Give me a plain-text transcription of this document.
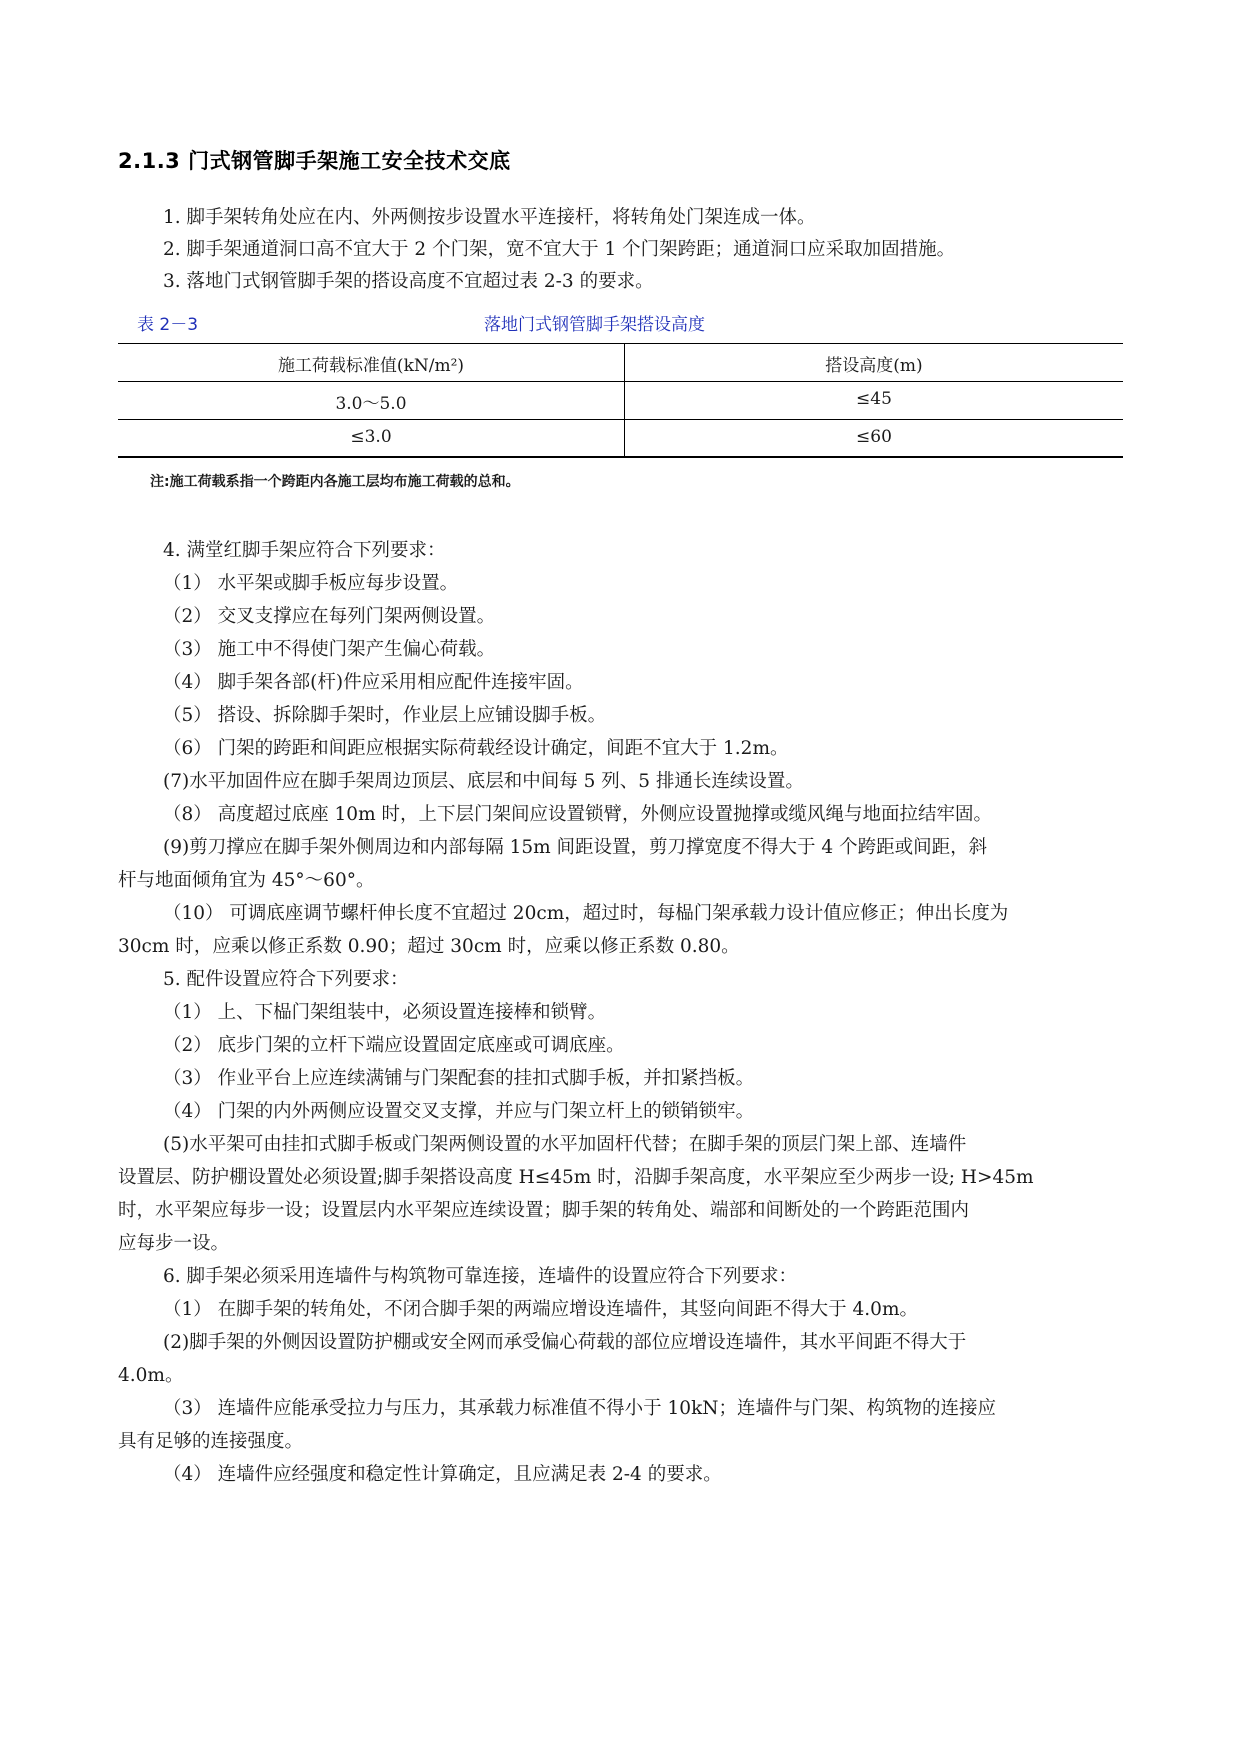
2.1.3 门式钢管脚手架施工安全技术交底
1. 脚手架转角处应在内、外两侧按步设置水平连接杆，将转角处门架连成一体。
2. 脚手架通道洞口高不宜大于 2 个门架，宽不宜大于 1 个门架跨距；通道洞口应采取加固措施。
3. 落地门式钢管脚手架的搭设高度不宜超过表 2-3 的要求。
表 2－3	落地门式钢管脚手架搭设高度
施工荷载标准值(kN/m²)	搭设高度(m)
3.0～5.0	≤45
≤3.0	≤60
注:施工荷载系指一个跨距内各施工层均布施工荷载的总和。
4. 满堂红脚手架应符合下列要求：
（1） 水平架或脚手板应每步设置。
（2） 交叉支撑应在每列门架两侧设置。
（3） 施工中不得使门架产生偏心荷载。
（4） 脚手架各部(杆)件应采用相应配件连接牢固。
（5） 搭设、拆除脚手架时，作业层上应铺设脚手板。
（6） 门架的跨距和间距应根据实际荷载经设计确定，间距不宜大于 1.2m。
(7)水平加固件应在脚手架周边顶层、底层和中间每 5 列、5 排通长连续设置。
（8） 高度超过底座 10m 时，上下层门架间应设置锁臂，外侧应设置抛撑或缆风绳与地面拉结牢固。
(9)剪刀撑应在脚手架外侧周边和内部每隔 15m 间距设置，剪刀撑宽度不得大于 4 个跨距或间距，斜
杆与地面倾角宜为 45°～60°。
（10） 可调底座调节螺杆伸长度不宜超过 20cm，超过时，每榀门架承载力设计值应修正；伸出长度为
30cm 时，应乘以修正系数 0.90；超过 30cm 时，应乘以修正系数 0.80。
5. 配件设置应符合下列要求：
（1） 上、下榀门架组装中，必须设置连接棒和锁臂。
（2） 底步门架的立杆下端应设置固定底座或可调底座。
（3） 作业平台上应连续满铺与门架配套的挂扣式脚手板，并扣紧挡板。
（4） 门架的内外两侧应设置交叉支撑，并应与门架立杆上的锁销锁牢。
(5)水平架可由挂扣式脚手板或门架两侧设置的水平加固杆代替；在脚手架的顶层门架上部、连墙件
设置层、防护棚设置处必须设置;脚手架搭设高度 H≤45m 时，沿脚手架高度，水平架应至少两步一设; H>45m
时，水平架应每步一设；设置层内水平架应连续设置；脚手架的转角处、端部和间断处的一个跨距范围内
应每步一设。
6. 脚手架必须采用连墙件与构筑物可靠连接，连墙件的设置应符合下列要求：
（1） 在脚手架的转角处，不闭合脚手架的两端应增设连墙件，其竖向间距不得大于 4.0m。
(2)脚手架的外侧因设置防护棚或安全网而承受偏心荷载的部位应增设连墙件，其水平间距不得大于
4.0m。
（3） 连墙件应能承受拉力与压力，其承载力标准值不得小于 10kN；连墙件与门架、构筑物的连接应
具有足够的连接强度。
（4） 连墙件应经强度和稳定性计算确定，且应满足表 2-4 的要求。
